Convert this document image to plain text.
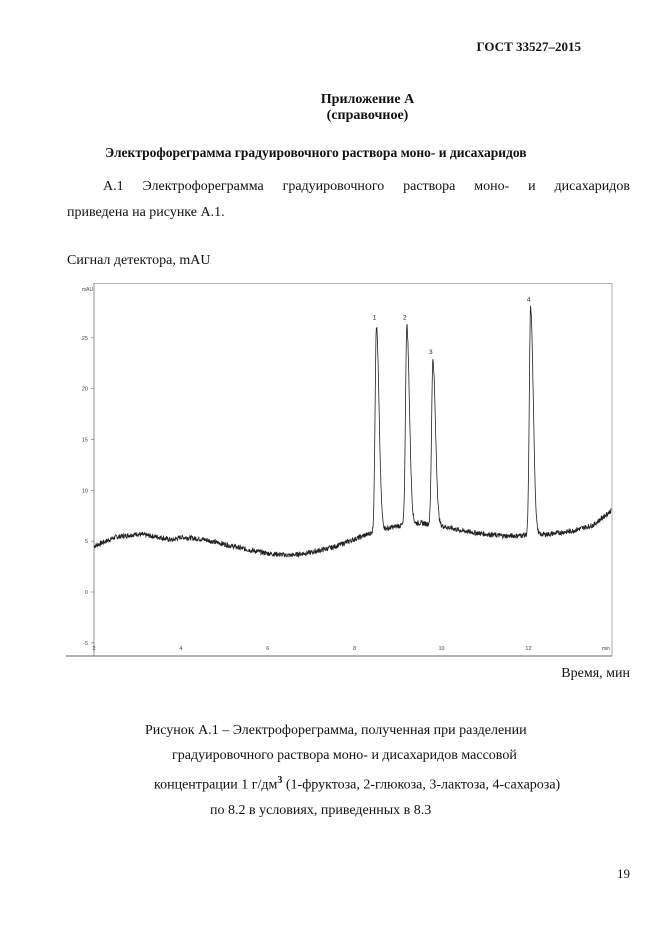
ГОСТ 33527–2015
Приложение А
(справочное)
Электрофореграмма градуировочного раствора моно- и дисахаридов
А.1 Электрофореграмма градуировочного раствора моно- и дисахаридов
приведена на рисунке А.1.
Сигнал детектора, mAU
mAU
-5
0
5
10
15
20
25
2	4	6	8	10	12	min
1	2
3
4
Время, мин
Рисунок А.1 – Электрофореграмма, полученная при разделении
градуировочного раствора моно- и дисахаридов массовой
концентрации 1 $г/дм^3$ (1-фруктоза, 2-глюкоза, 3-лактоза, 4-сахароза)
по 8.2 в условиях, приведенных в 8.3
19
